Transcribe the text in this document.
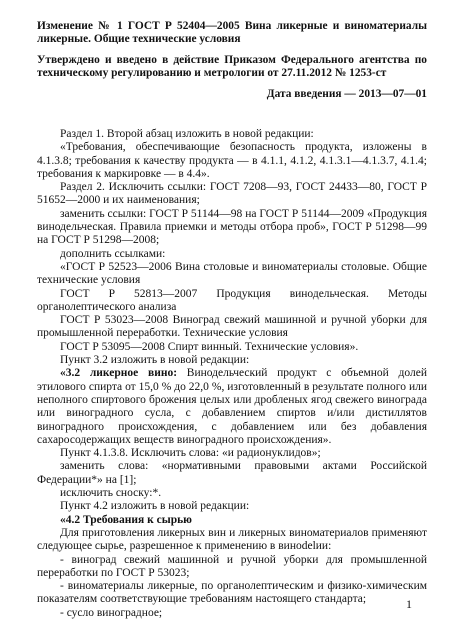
Изменение № 1 ГОСТ Р 52404—2005 Вина ликерные и виноматериалы ликерные. Общие технические условия

Утверждено и введено в действие Приказом Федерального агентства по техническому регулированию и метрологии от 27.11.2012 № 1253-ст

Дата введения — 2013—07—01

Раздел 1. Второй абзац изложить в новой редакции:

«Требования, обеспечивающие безопасность продукта, изложены в 4.1.3.8; требования к качеству продукта — в 4.1.1, 4.1.2, 4.1.3.1—4.1.3.7, 4.1.4; требования к маркировке — в 4.4».

Раздел 2. Исключить ссылки: ГОСТ 7208—93, ГОСТ 24433—80, ГОСТ Р 51652—2000 и их наименования;

заменить ссылки: ГОСТ Р 51144—98 на ГОСТ Р 51144—2009 «Продукция винодельческая. Правила приемки и методы отбора проб», ГОСТ Р 51298—99 на ГОСТ Р 51298—2008;

дополнить ссылками:

«ГОСТ Р 52523—2006 Вина столовые и виноматериалы столовые. Общие технические условия

ГОСТ Р 52813—2007 Продукция винодельческая. Методы органолептического анализа

ГОСТ Р 53023—2008 Виноград свежий машинной и ручной уборки для промышленной переработки. Технические условия

ГОСТ Р 53095—2008 Спирт винный. Технические условия».

Пункт 3.2 изложить в новой редакции:

«3.2 ликерное вино: Винодельческий продукт с объемной долей этилового спирта от 15,0 % до 22,0 %, изготовленный в результате полного или неполного спиртового брожения целых или дробленых ягод свежего винограда или виноградного сусла, с добавлением спиртов и/или дистиллятов виноградного происхождения, с добавлением или без добавления сахаросодержащих веществ виноградного происхождения».

Пункт 4.1.3.8. Исключить слова: «и радионуклидов»;

заменить слова: «нормативными правовыми актами Российской Федерации*» на [1];

исключить сноску:*.

Пункт 4.2 изложить в новой редакции:

«4.2 Требования к сырью

Для приготовления ликерных вин и ликерных виноматериалов применяют следующее сырье, разрешенное к применению в винodelии:

- виноград свежий машинной и ручной уборки для промышленной переработки по ГОСТ Р 53023;

- виноматериалы ликерные, по органолептическим и физико-химическим показателям соответствующие требованиям настоящего стандарта;

- сусло виноградное;

1
